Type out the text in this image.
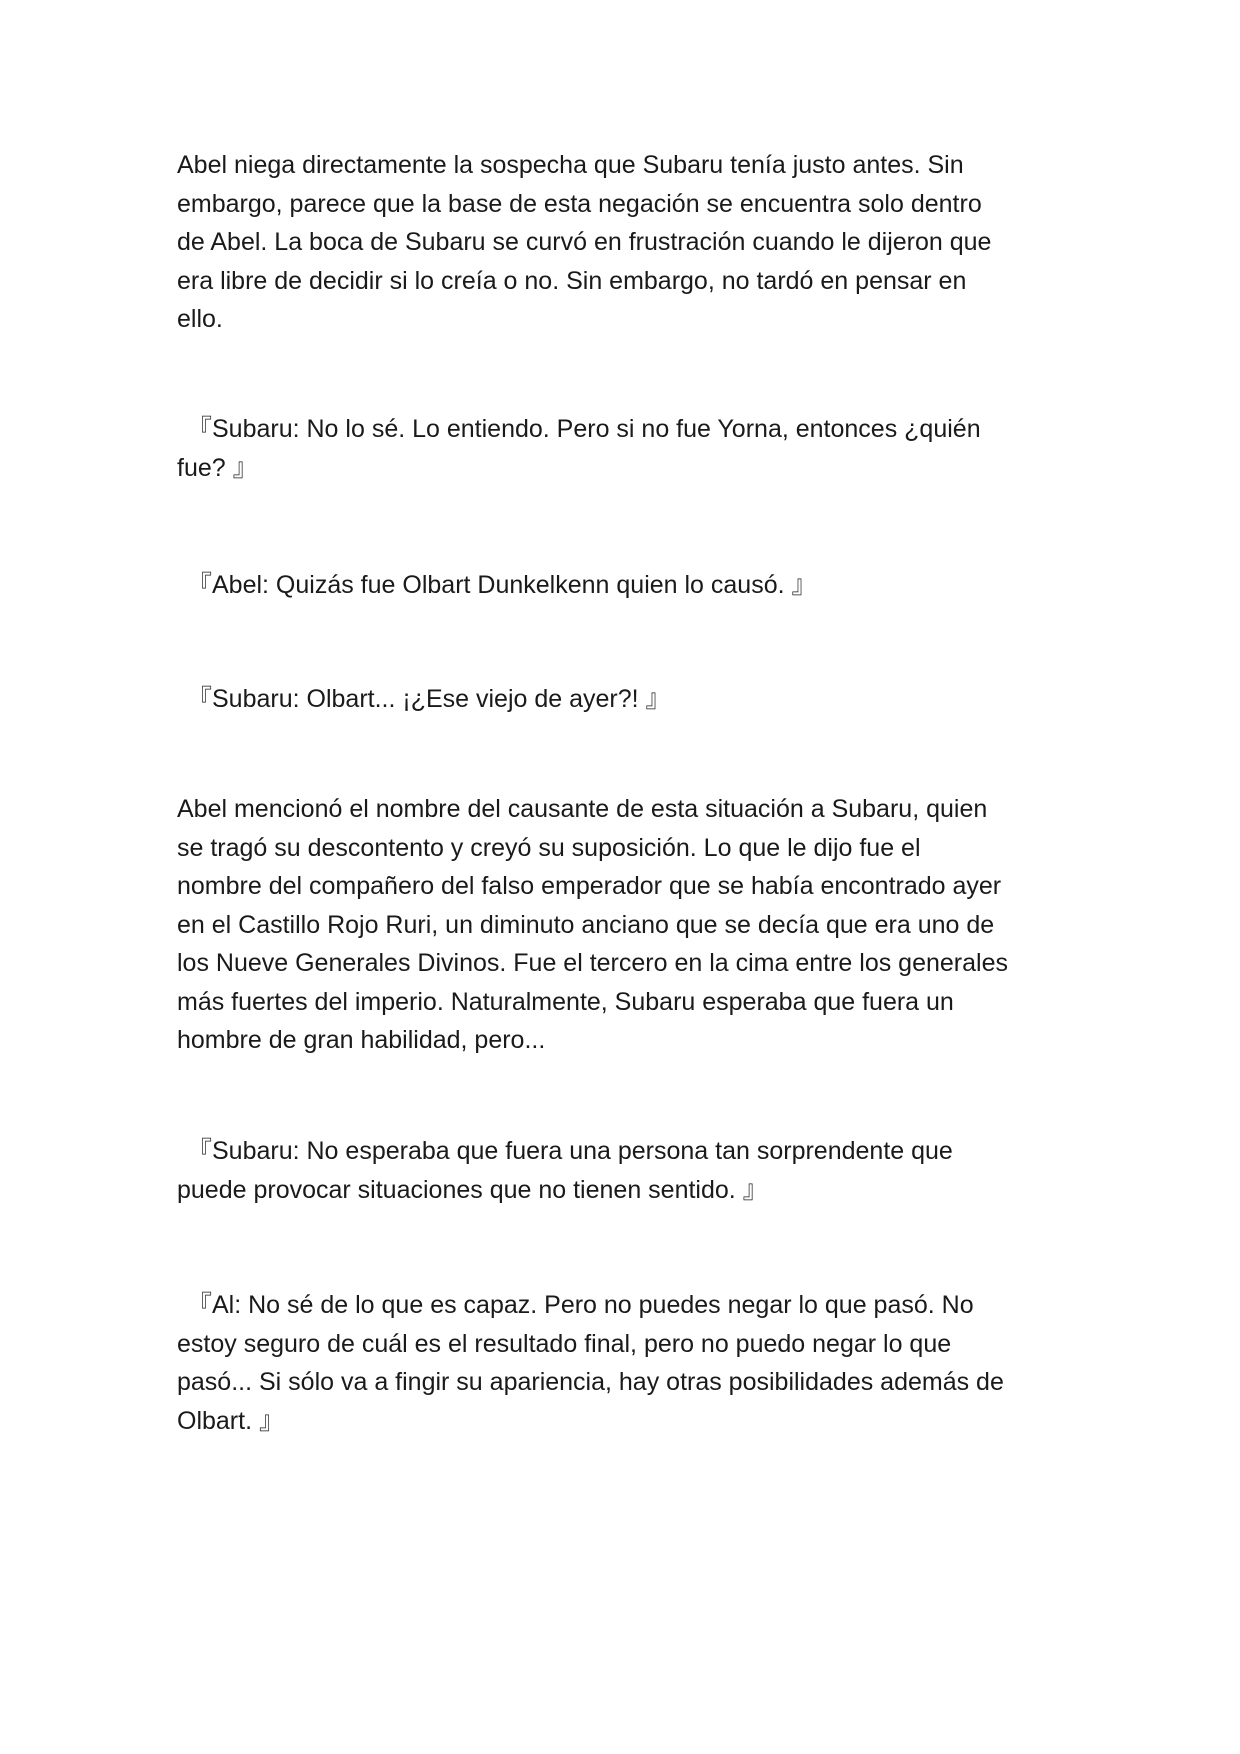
Abel niega directamente la sospecha que Subaru tenía justo antes. Sin
embargo, parece que la base de esta negación se encuentra solo dentro
de Abel. La boca de Subaru se curvó en frustración cuando le dijeron que
era libre de decidir si lo creía o no. Sin embargo, no tardó en pensar en
ello.

『Subaru: No lo sé. Lo entiendo. Pero si no fue Yorna, entonces ¿quién
fue? 』

『Abel: Quizás fue Olbart Dunkelkenn quien lo causó. 』

『Subaru: Olbart... ¡¿Ese viejo de ayer?! 』

Abel mencionó el nombre del causante de esta situación a Subaru, quien
se tragó su descontento y creyó su suposición. Lo que le dijo fue el
nombre del compañero del falso emperador que se había encontrado ayer
en el Castillo Rojo Ruri, un diminuto anciano que se decía que era uno de
los Nueve Generales Divinos. Fue el tercero en la cima entre los generales
más fuertes del imperio. Naturalmente, Subaru esperaba que fuera un
hombre de gran habilidad, pero...

『Subaru: No esperaba que fuera una persona tan sorprendente que
puede provocar situaciones que no tienen sentido. 』

『Al: No sé de lo que es capaz. Pero no puedes negar lo que pasó. No
estoy seguro de cuál es el resultado final, pero no puedo negar lo que
pasó... Si sólo va a fingir su apariencia, hay otras posibilidades además de
Olbart. 』
